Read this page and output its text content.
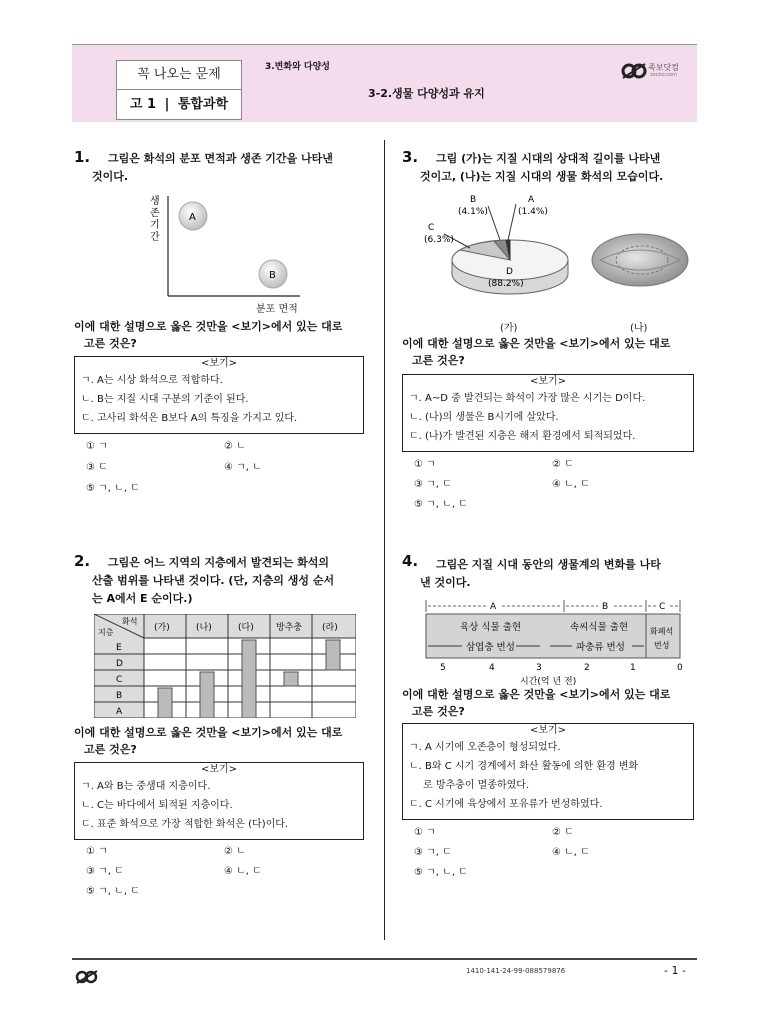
꼭 나오는 문제
고 1 | 통합과학
3.변화와 다양성
3-2.생물 다양성과 유지
족보닷컴
zocbo.com
1. 그림은 화석의 분포 면적과 생존 기간을 나타낸
것이다.
생
존
기
간
A
B
분포 면적
이에 대한 설명으로 옳은 것만을 <보기>에서 있는 대로
고른 것은?
<보기>
ㄱ. A는 시상 화석으로 적합하다.
ㄴ. B는 지질 시대 구분의 기준이 된다.
ㄷ. 고사리 화석은 B보다 A의 특징을 가지고 있다.
① ㄱ	② ㄴ
③ ㄷ	④ ㄱ, ㄴ
⑤ ㄱ, ㄴ, ㄷ
2. 그림은 어느 지역의 지층에서 발견되는 화석의
산출 범위를 나타낸 것이다. (단, 지층의 생성 순서
는 A에서 E 순이다.)
화석
지층	(가)	(나)	(다) 방추충 (라)
E
D
C
B
A
이에 대한 설명으로 옳은 것만을 <보기>에서 있는 대로
고른 것은?
<보기>
ㄱ. A와 B는 중생대 지층이다.
ㄴ. C는 바다에서 퇴적된 지층이다.
ㄷ. 표준 화석으로 가장 적합한 화석은 (다)이다.
① ㄱ	② ㄴ
③ ㄱ, ㄷ	④ ㄴ, ㄷ
⑤ ㄱ, ㄴ, ㄷ
3. 그림 (가)는 지질 시대의 상대적 길이를 나타낸
것이고, (나)는 지질 시대의 생물 화석의 모습이다.
B
(4.1%)
A
(1.4%)
C
(6.3%)
D
(88.2%)
(가)	(나)
이에 대한 설명으로 옳은 것만을 <보기>에서 있는 대로
고른 것은?
<보기>
ㄱ. A~D 중 발견되는 화석이 가장 많은 시기는 D이다.
ㄴ. (나)의 생물은 B시기에 살았다.
ㄷ. (나)가 발견된 지층은 해저 환경에서 퇴적되었다.
① ㄱ	② ㄷ
③ ㄱ, ㄷ	④ ㄴ, ㄷ
⑤ ㄱ, ㄴ, ㄷ
4. 그림은 지질 시대 동안의 생물계의 변화를 나타
낸 것이다.
A	B	C
육상 식물 출현	속씨식물 출현
삼엽충 번성	파충류 번성
화폐석
번성
5	4	3	2	1	0
시간(억 년 전)
이에 대한 설명으로 옳은 것만을 <보기>에서 있는 대로
고른 것은?
<보기>
ㄱ. A 시기에 오존층이 형성되었다.
ㄴ. B와 C 시기 경계에서 화산 활동에 의한 환경 변화
로 방추충이 멸종하였다.
ㄷ. C 시기에 육상에서 포유류가 번성하였다.
① ㄱ	② ㄷ
③ ㄱ, ㄷ	④ ㄴ, ㄷ
⑤ ㄱ, ㄴ, ㄷ
1410-141-24-99-088579876	- 1 -
